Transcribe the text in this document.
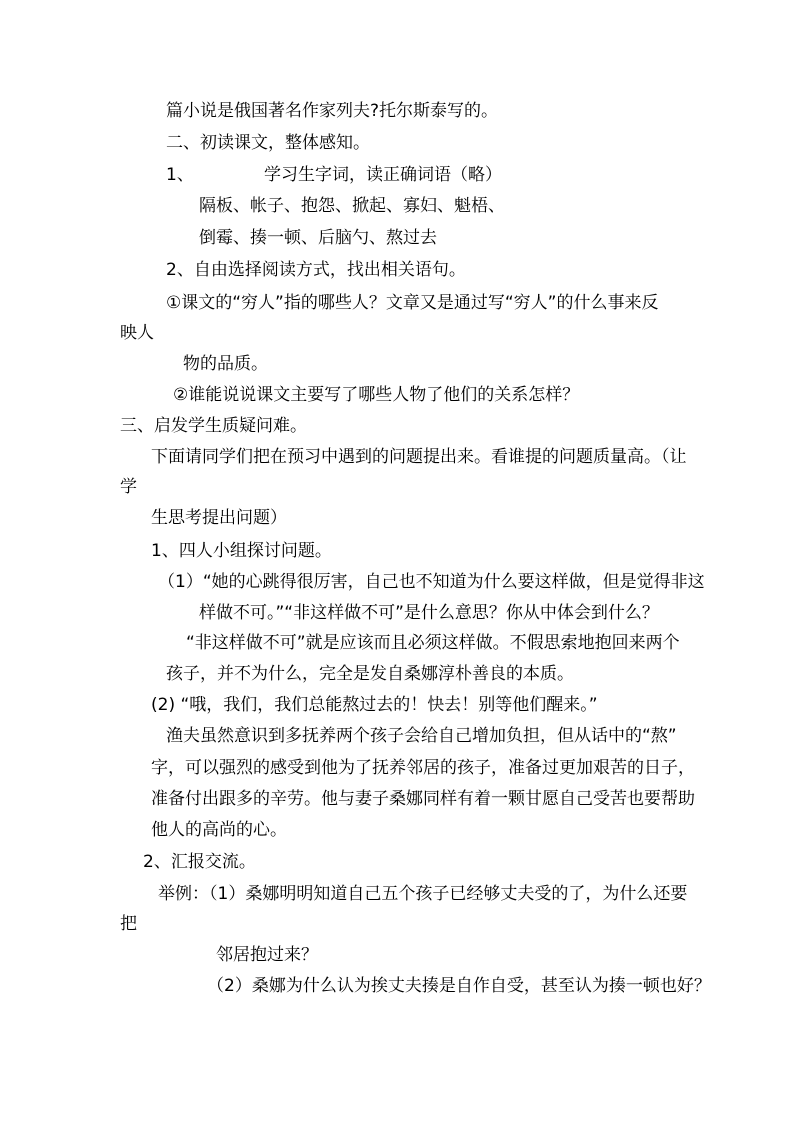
篇小说是俄国著名作家列夫?托尔斯泰写的。
二、初读课文，整体感知。
1、	学习生字词，读正确词语（略）
隔板、帐子、抱怨、掀起、寡妇、魁梧、
倒霉、揍一顿、后脑勺、熬过去
2、自由选择阅读方式，找出相关语句。
①课文的“穷人”指的哪些人？文章又是通过写“穷人”的什么事来反
映人
物的品质。
②谁能说说课文主要写了哪些人物了他们的关系怎样？
三、启发学生质疑问难。
下面请同学们把在预习中遇到的问题提出来。看谁提的问题质量高。（让
学
生思考提出问题）
1、四人小组探讨问题。
（1）“她的心跳得很厉害，自己也不知道为什么要这样做，但是觉得非这
样做不可。”“非这样做不可”是什么意思？你从中体会到什么？
“非这样做不可”就是应该而且必须这样做。不假思索地抱回来两个
孩子，并不为什么，完全是发自桑娜淳朴善良的本质。
(2) “哦，我们，我们总能熬过去的！快去！别等他们醒来。”
渔夫虽然意识到多抚养两个孩子会给自己增加负担，但从话中的“熬”
字，可以强烈的感受到他为了抚养邻居的孩子，准备过更加艰苦的日子，
准备付出跟多的辛劳。他与妻子桑娜同样有着一颗甘愿自己受苦也要帮助
他人的高尚的心。
2、汇报交流。
举例：（1）桑娜明明知道自己五个孩子已经够丈夫受的了，为什么还要
把
邻居抱过来？
（2）桑娜为什么认为挨丈夫揍是自作自受，甚至认为揍一顿也好？
